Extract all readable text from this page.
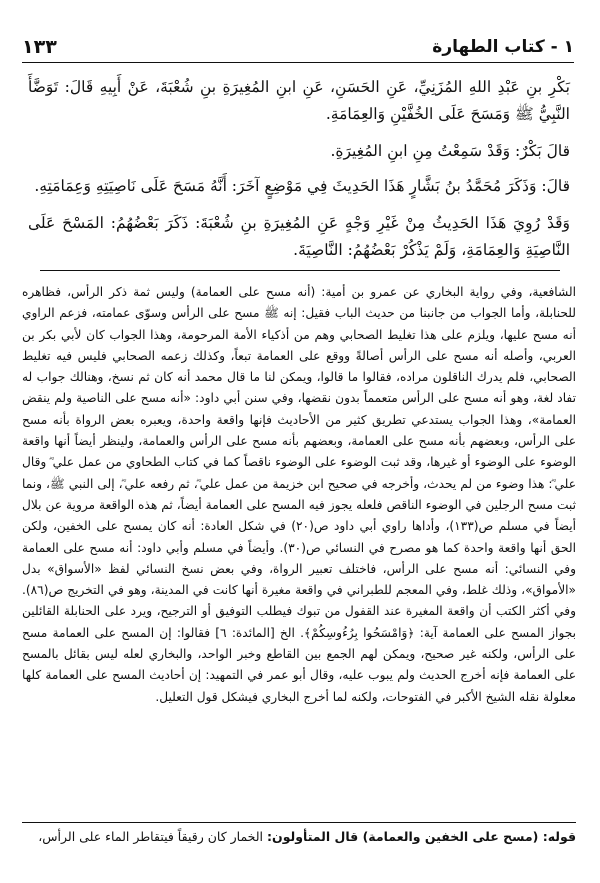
١ - كتاب الطهارة
١٣٣

بَكْرِ بنِ عَبْدِ اللهِ المُزَنِيِّ، عَنِ الحَسَنِ، عَنِ ابنِ المُغِيرَةِ بنِ شُعْبَةَ، عَنْ أَبِيهِ قَالَ: تَوَضَّأَ النَّبِيُّ ﷺ وَمَسَحَ عَلَى الخُفَّيْنِ وَالعِمَامَةِ.

قالَ بَكْرٌ: وَقَدْ سَمِعْتُ مِنِ ابنِ المُغِيرَةِ.

قالَ: وَذَكَرَ مُحَمَّدُ بنُ بَشَّارٍ هَذَا الحَدِيثَ فِي مَوْضِعٍ آخَرَ: أَنَّهُ مَسَحَ عَلَى نَاصِيَتِهِ وَعِمَامَتِهِ.

وَقَدْ رُوِيَ هَذَا الحَدِيثُ مِنْ غَيْرِ وَجْهٍ عَنِ المُغِيرَةِ بنِ شُعْبَةَ: ذَكَرَ بَعْضُهُمُ: المَسْحَ عَلَى النَّاصِيَةِ وَالعِمَامَةِ، وَلَمْ يَذْكُرْ بَعْضُهُمُ: النَّاصِيَةَ.

الشافعية، وفي رواية البخاري عن عمرو بن أمية: (أنه مسح على العمامة) وليس ثمة ذكر الرأس، فظاهره للحنابلة، وأما الجواب من جانبنا من حديث الباب فقيل: إنه ﷺ مسح على الرأس وسوّى عمامته، فزعم الراوي أنه مسح عليها، ويلزم على هذا تغليط الصحابي وهم من أذكياء الأمة المرحومة، وهذا الجواب كان لأبي بكر بن العربي، وأصله أنه مسح على الرأس أصالةً ووقع على العمامة تبعاً، وكذلك زعمه الصحابي فليس فيه تغليط الصحابي، فلم يدرك الناقلون مراده، فقالوا ما قالوا، ويمكن لنا ما قال محمد أنه كان ثم نسخ، وهنالك جواب له تفاد لغة، وهو أنه مسح على الرأس متعمماً بدون نقضها، وفي سنن أبي داود: «أنه مسح على الناصية ولم ينقض العمامة»، وهذا الجواب يستدعي تطريق كثير من الأحاديث فإنها واقعة واحدة، ويعبره بعض الرواة بأنه مسح على الرأس، وبعضهم بأنه مسح على العمامة، وبعضهم بأنه مسح على الرأس والعمامة، ولينظر أيضاً أنها واقعة الوضوء على الوضوء أو غيرها، وقد ثبت الوضوء على الوضوء ناقصاً كما في كتاب الطحاوي من عمل علي ؓ وقال علي ؓ: هذا وضوء من لم يحدث، وأخرجه في صحيح ابن خزيمة من عمل علي ؓ، ثم رفعه علي ؓ، إلى النبي ﷺ، ونما ثبت مسح الرجلين في الوضوء الناقص فلعله يجوز فيه المسح على العمامة أيضاً، ثم هذه الواقعة مروية عن بلال أيضاً في مسلم ص(١٣٣)، وأداها راوي أبي داود ص(٢٠) في شكل العادة: أنه كان يمسح على الخفين، ولكن الحق أنها واقعة واحدة كما هو مصرح في النسائي ص(٣٠). وأيضاً في مسلم وأبي داود: أنه مسح على العمامة وفي النسائي: أنه مسح على الرأس، فاختلف تعبير الرواة، وفي بعض نسخ النسائي لفظ «الأسواق» بدل «الأمواق»، وذلك غلط، وفي المعجم للطبراني في واقعة مغيرة أنها كانت في المدينة، وهو في التخريج ص(٨٦). وفي أكثر الكتب أن واقعة المغيرة عند القفول من تبوك فيطلب التوفيق أو الترجيح، ويرد على الحنابلة القائلين بجواز المسح على العمامة آية: ﴿وَامْسَحُوا بِرُءُوسِكُمْ﴾. الخ [المائدة: ٦] فقالوا: إن المسح على العمامة مسح على الرأس، ولكنه غير صحيح، ويمكن لهم الجمع بين القاطع وخبر الواحد، والبخاري لعله ليس بقائل بالمسح على العمامة فإنه أخرج الحديث ولم يبوب عليه، وقال أبو عمر في التمهيد: إن أحاديث المسح على العمامة كلها معلولة نقله الشيخ الأكبر في الفتوحات، ولكنه لما أخرج البخاري فيشكل قول التعليل.

قوله: (مسح على الخفين والعمامة) قال المتأولون: الخمار كان رقيقاً فيتقاطر الماء على الرأس،
